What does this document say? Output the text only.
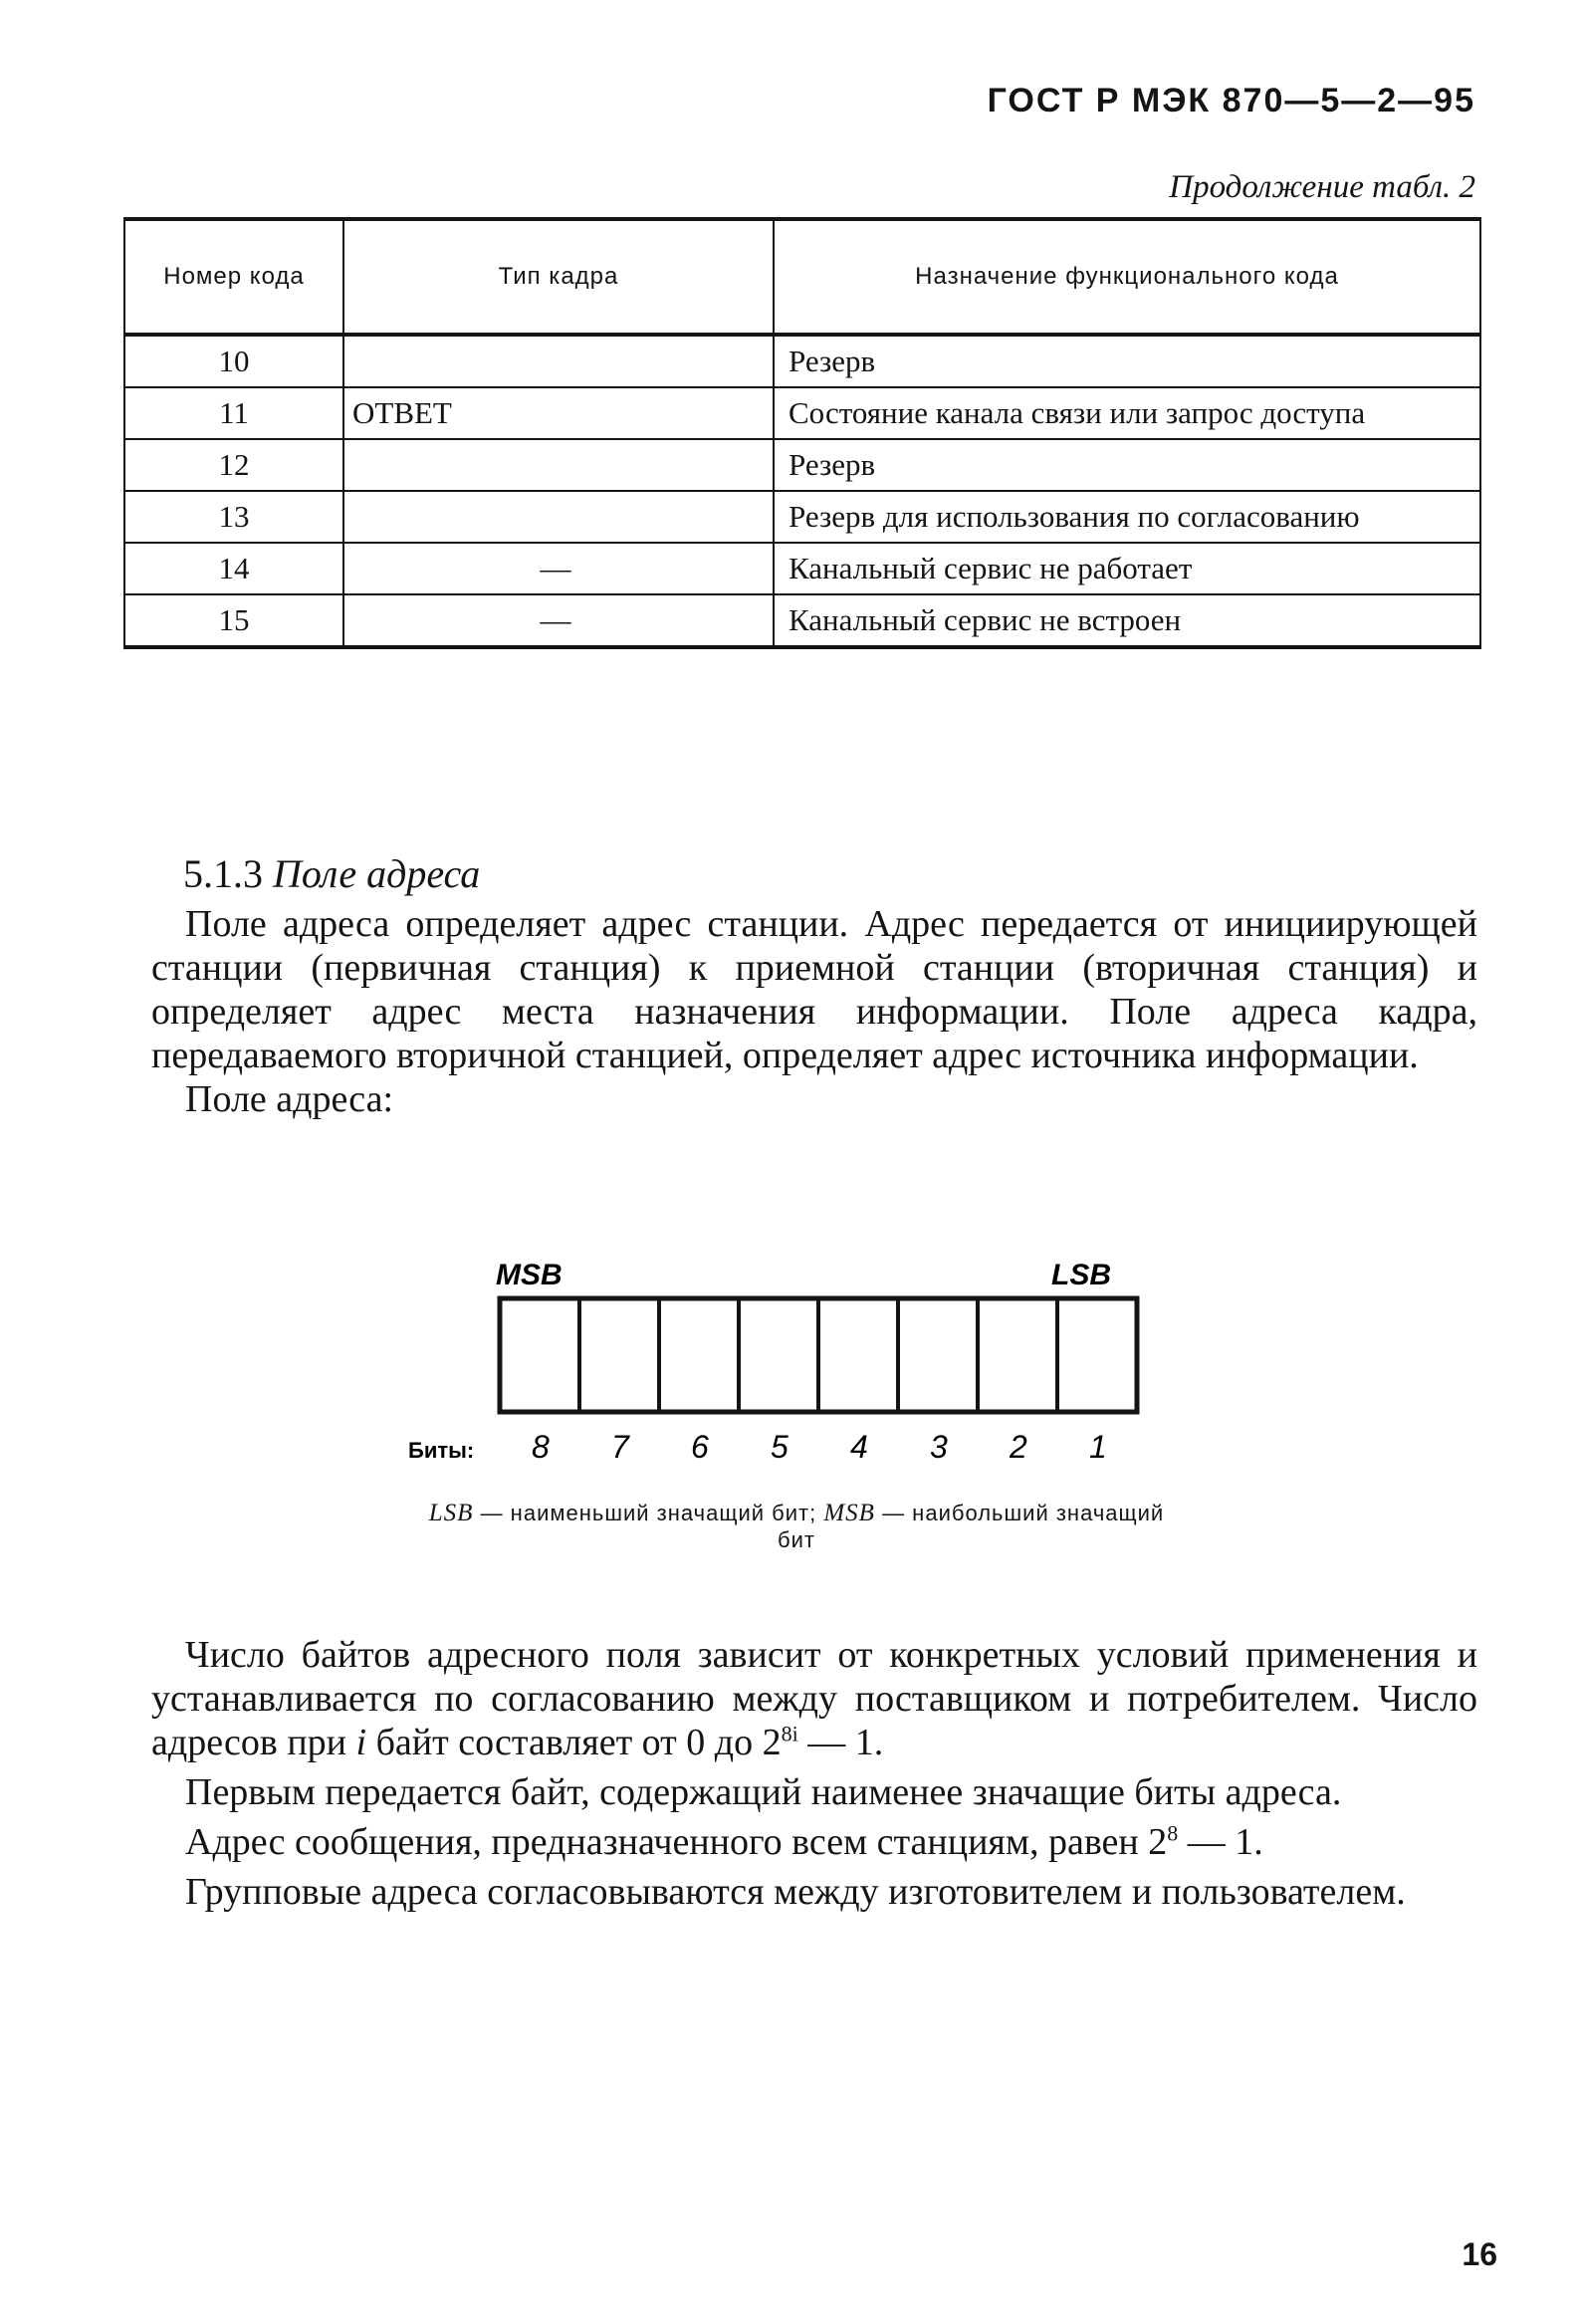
ГОСТ Р МЭК 870—5—2—95
Продолжение табл. 2
Номер кода	Тип кадра	Назначение функционального кода
10		Резерв
11	ОТВЕТ	Состояние канала связи или запрос доступа
12		Резерв
13		Резерв для использования по согласованию
14	—	Канальный сервис не работает
15	—	Канальный сервис не встроен
5.1.3 Поле адреса

Поле адреса определяет адрес станции. Адрес передается от инициирующей станции (первичная станция) к приемной станции (вторичная станция) и определяет адрес места назначения информации. Поле адреса кадра, передаваемого вторичной станцией, определяет адрес источника информации.

Поле адреса:

MSB	LSB
Биты: 8 7 6 5 4 3 2 1
LSB — наименьший значащий бит; MSB — наибольший значащий бит

Число байтов адресного поля зависит от конкретных условий применения и устанавливается по согласованию между поставщиком и потребителем. Число адресов при i байт составляет от 0 до $2^{8i}$ — 1.

Первым передается байт, содержащий наименее значащие биты адреса.

Адрес сообщения, предназначенного всем станциям, равен $2^8$ — 1.

Групповые адреса согласовываются между изготовителем и пользователем.

16
